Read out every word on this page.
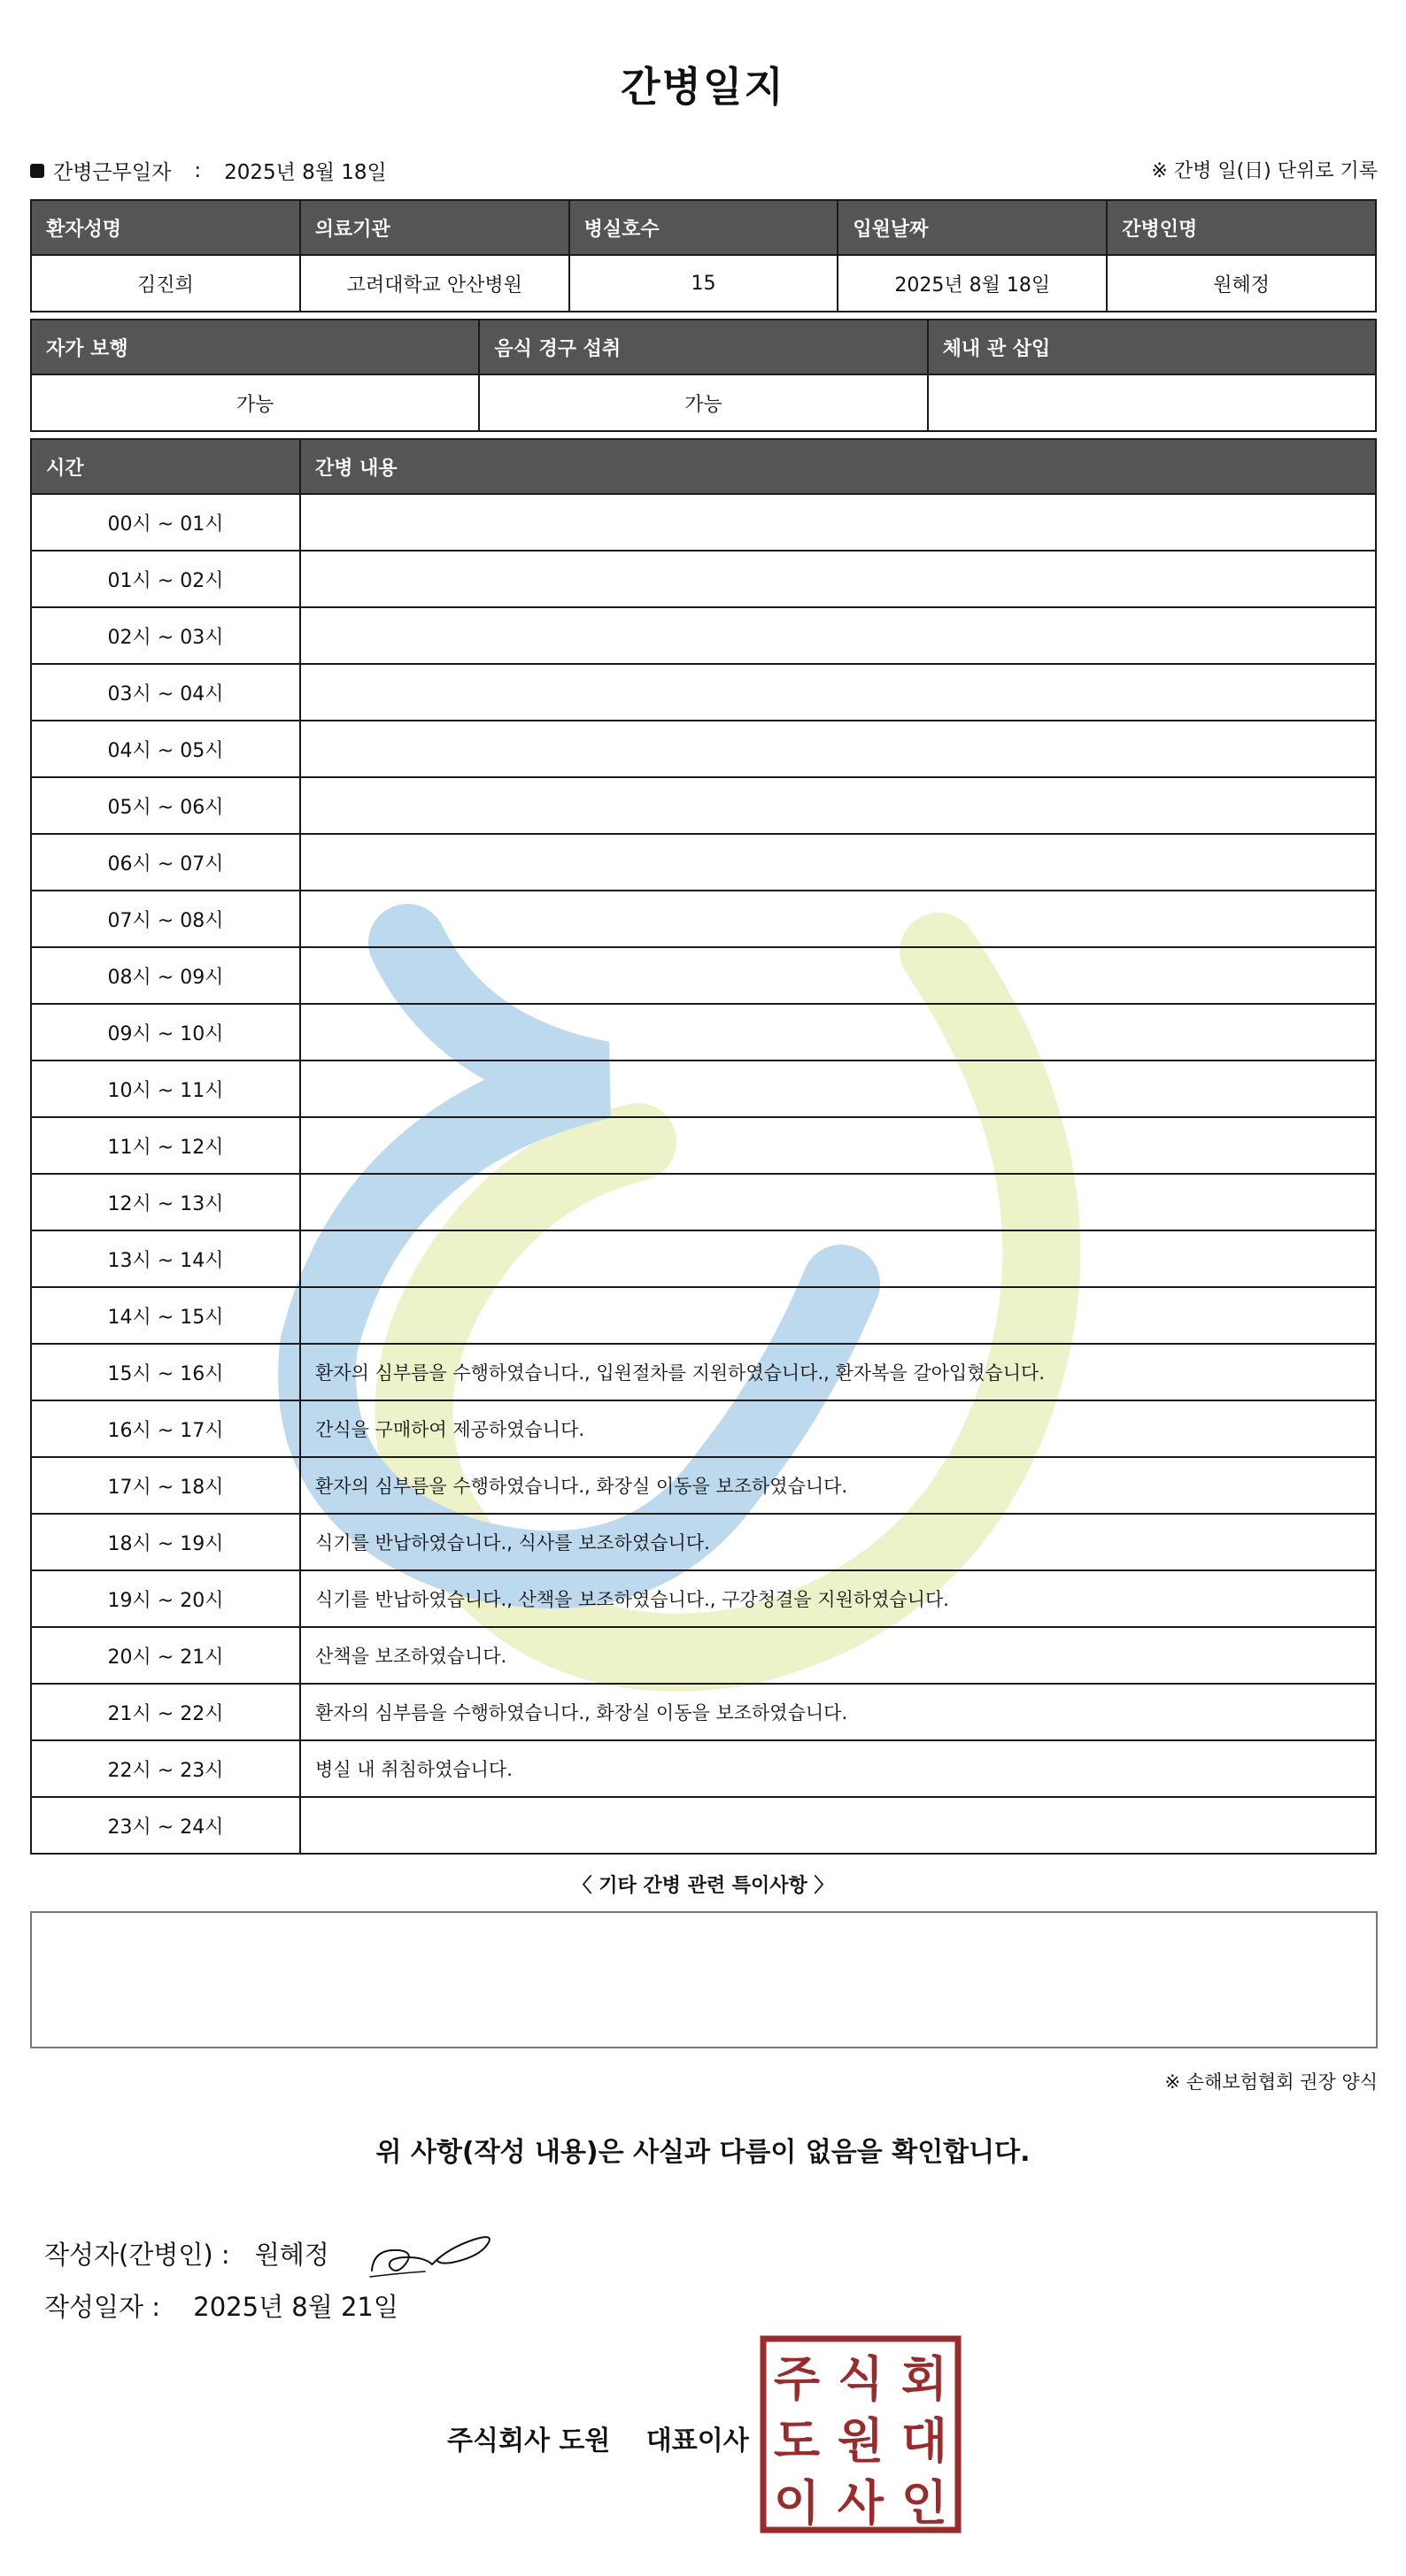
간병일지
간병근무일자 : 2025년 8월 18일	※ 간병 일(日) 단위로 기록
환자성명	의료기관	병실호수	입원날짜	간병인명
김진희	고려대학교 안산병원	15	2025년 8월 18일	원혜정
자가 보행	음식 경구 섭취	체내 관 삽입
가능	가능	
시간	간병 내용
00시 ~ 01시	
01시 ~ 02시	
02시 ~ 03시	
03시 ~ 04시	
04시 ~ 05시	
05시 ~ 06시	
06시 ~ 07시	
07시 ~ 08시	
08시 ~ 09시	
09시 ~ 10시	
10시 ~ 11시	
11시 ~ 12시	
12시 ~ 13시	
13시 ~ 14시	
14시 ~ 15시	
15시 ~ 16시	환자의 심부름을 수행하였습니다., 입원절차를 지원하였습니다., 환자복을 갈아입혔습니다.
16시 ~ 17시	간식을 구매하여 제공하였습니다.
17시 ~ 18시	환자의 심부름을 수행하였습니다., 화장실 이동을 보조하였습니다.
18시 ~ 19시	식기를 반납하였습니다., 식사를 보조하였습니다.
19시 ~ 20시	식기를 반납하였습니다., 산책을 보조하였습니다., 구강청결을 지원하였습니다.
20시 ~ 21시	산책을 보조하였습니다.
21시 ~ 22시	환자의 심부름을 수행하였습니다., 화장실 이동을 보조하였습니다.
22시 ~ 23시	병실 내 취침하였습니다.
23시 ~ 24시	
〈 기타 간병 관련 특이사항 〉
※ 손해보험협회 권장 양식
위 사항(작성 내용)은 사실과 다름이 없음을 확인합니다.
작성자(간병인) : 원혜정
작성일자 : 2025년 8월 21일
주식회사 도원 대표이사
주 식 회
도 원 대
이 사 인
